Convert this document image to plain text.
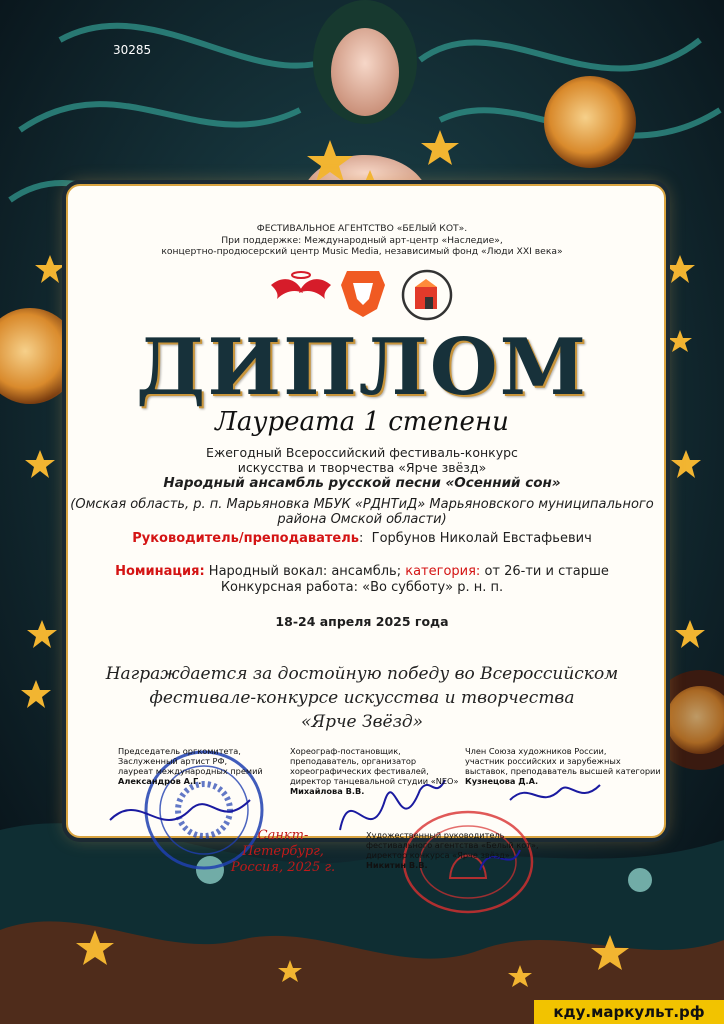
30285
ФЕСТИВАЛЬНОЕ АГЕНТСТВО «БЕЛЫЙ КОТ».
При поддержке: Международный арт-центр «Наследие»,
концертно-продюсерский центр Music Media, независимый фонд «Люди XXI века»
ДИПЛОМ
Лауреата 1 степени
Ежегодный Всероссийский фестиваль-конкурс
искусства и творчества «Ярче звёзд»
Народный ансамбль русской песни «Осенний сон»
(Омская область, р. п. Марьяновка МБУК «РДНТиД» Марьяновского муниципального
района Омской области)
Руководитель/преподаватель:  Горбунов Николай Евстафьевич
Номинация: Народный вокал: ансамбль; категория: от 26-ти и старше
Конкурсная работа: «Во субботу» р. н. п.
18-24 апреля 2025 года
Награждается за достойную победу во Всероссийском
фестивале-конкурсе искусства и творчества
«Ярче Звёзд»
Председатель оргкомитета,
Заслуженный артист РФ,
лауреат международных премий
Александров А.Г.
Хореограф-постановщик,
преподаватель, организатор
хореографических фестивалей,
директор танцевальной студии «NEO»
Михайлова В.В.
Член Союза художников России,
участник российских и зарубежных
выставок, преподаватель высшей категории
Кузнецова Д.А.
Художественный руководитель
фестивального агентства «Белый кот»,
директор конкурса «Ярче звёзд»
Никитин В.В.
Санкт-Петербург,
Россия, 2025 г.
кду.маркульт.рф
